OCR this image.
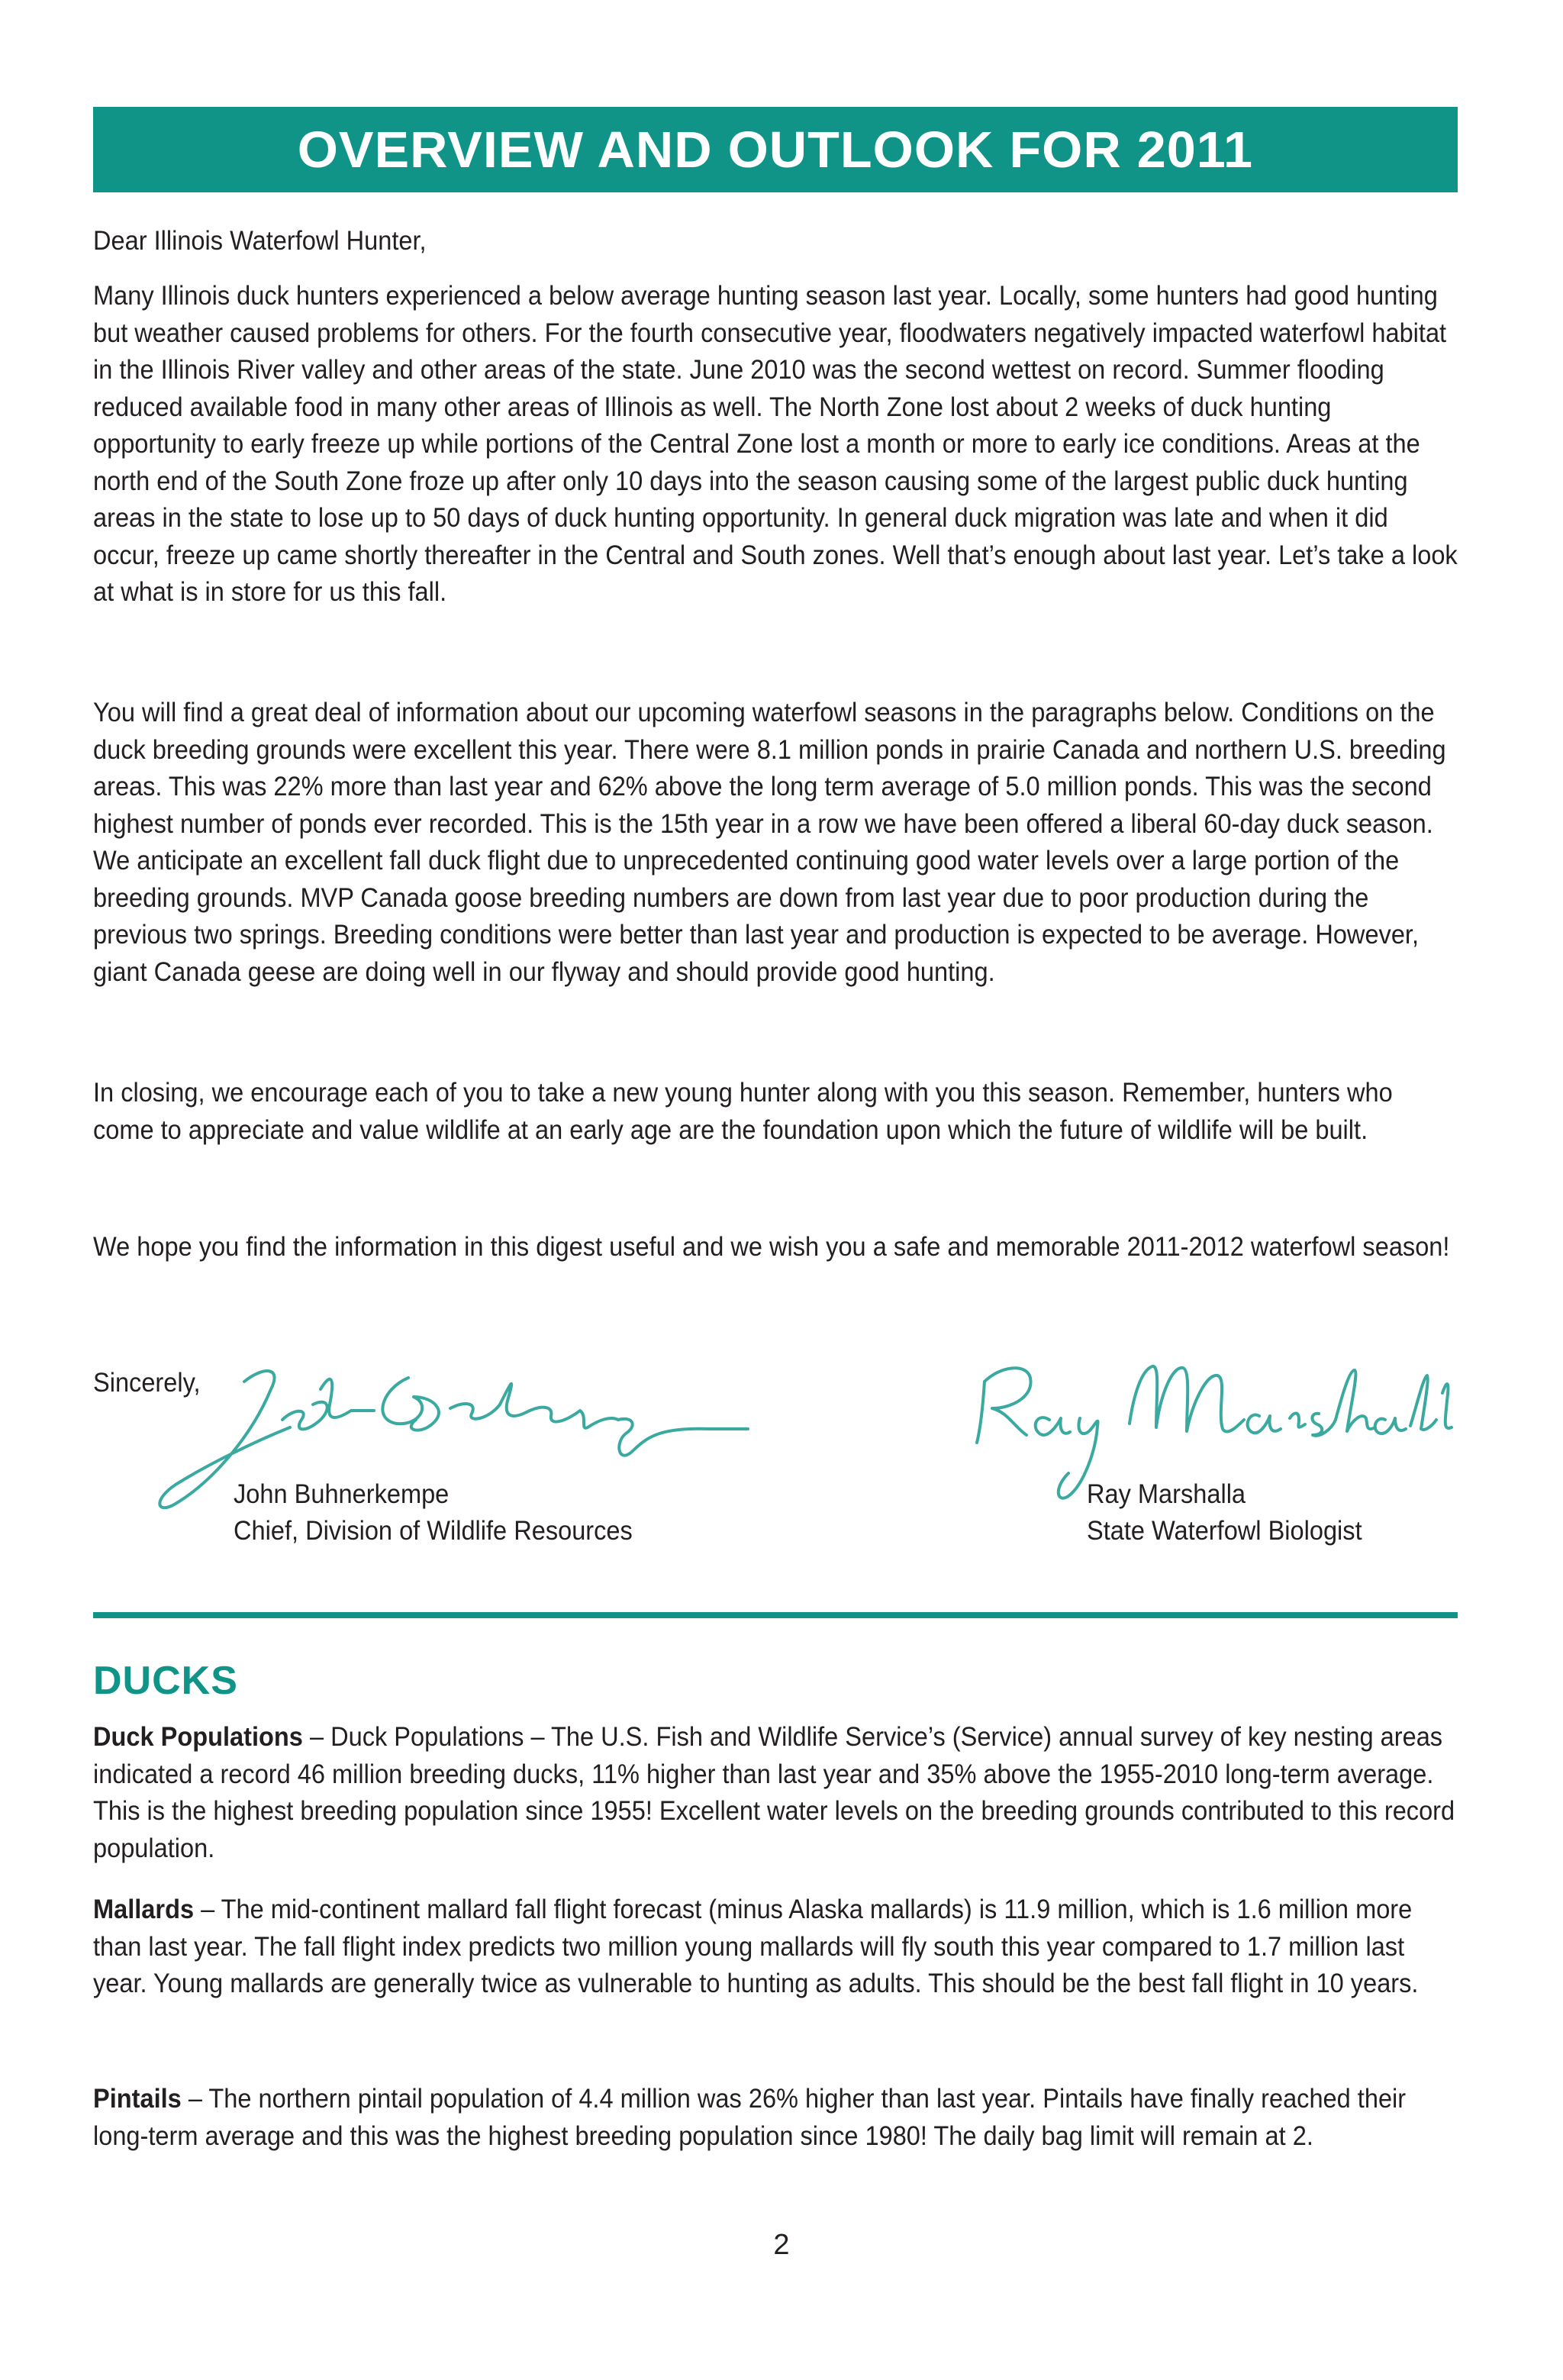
OVERVIEW AND OUTLOOK FOR 2011

Dear Illinois Waterfowl Hunter,

Many Illinois duck hunters experienced a below average hunting season last year. Locally, some hunters had good hunting but weather caused problems for others. For the fourth consecutive year, floodwaters negatively impacted waterfowl habitat in the Illinois River valley and other areas of the state. June 2010 was the second wettest on record. Summer flooding reduced available food in many other areas of Illinois as well. The North Zone lost about 2 weeks of duck hunting opportunity to early freeze up while portions of the Central Zone lost a month or more to early ice conditions. Areas at the north end of the South Zone froze up after only 10 days into the season causing some of the largest public duck hunting areas in the state to lose up to 50 days of duck hunting opportunity. In general duck migration was late and when it did occur, freeze up came shortly thereafter in the Central and South zones. Well that’s enough about last year. Let’s take a look at what is in store for us this fall.

You will find a great deal of information about our upcoming waterfowl seasons in the paragraphs below. Conditions on the duck breeding grounds were excellent this year. There were 8.1 million ponds in prairie Canada and northern U.S. breeding areas. This was 22% more than last year and 62% above the long term average of 5.0 million ponds. This was the second highest number of ponds ever recorded. This is the 15th year in a row we have been offered a liberal 60-day duck season. We anticipate an excellent fall duck flight due to unprecedented continuing good water levels over a large portion of the breeding grounds. MVP Canada goose breeding numbers are down from last year due to poor production during the previous two springs. Breeding conditions were better than last year and production is expected to be average. However, giant Canada geese are doing well in our flyway and should provide good hunting.

In closing, we encourage each of you to take a new young hunter along with you this season. Remember, hunters who come to appreciate and value wildlife at an early age are the foundation upon which the future of wildlife will be built.

We hope you find the information in this digest useful and we wish you a safe and memorable 2011-2012 waterfowl season!

Sincerely,

John Buhnerkempe
Chief, Division of Wildlife Resources
Ray Marshalla
State Waterfowl Biologist
DUCKS

Duck Populations – Duck Populations – The U.S. Fish and Wildlife Service’s (Service) annual survey of key nesting areas indicated a record 46 million breeding ducks, 11% higher than last year and 35% above the 1955-2010 long-term average. This is the highest breeding population since 1955! Excellent water levels on the breeding grounds contributed to this record population.

Mallards – The mid-continent mallard fall flight forecast (minus Alaska mallards) is 11.9 million, which is 1.6 million more than last year. The fall flight index predicts two million young mallards will fly south this year compared to 1.7 million last year. Young mallards are generally twice as vulnerable to hunting as adults. This should be the best fall flight in 10 years.

Pintails – The northern pintail population of 4.4 million was 26% higher than last year. Pintails have finally reached their long-term average and this was the highest breeding population since 1980! The daily bag limit will remain at 2.

2
